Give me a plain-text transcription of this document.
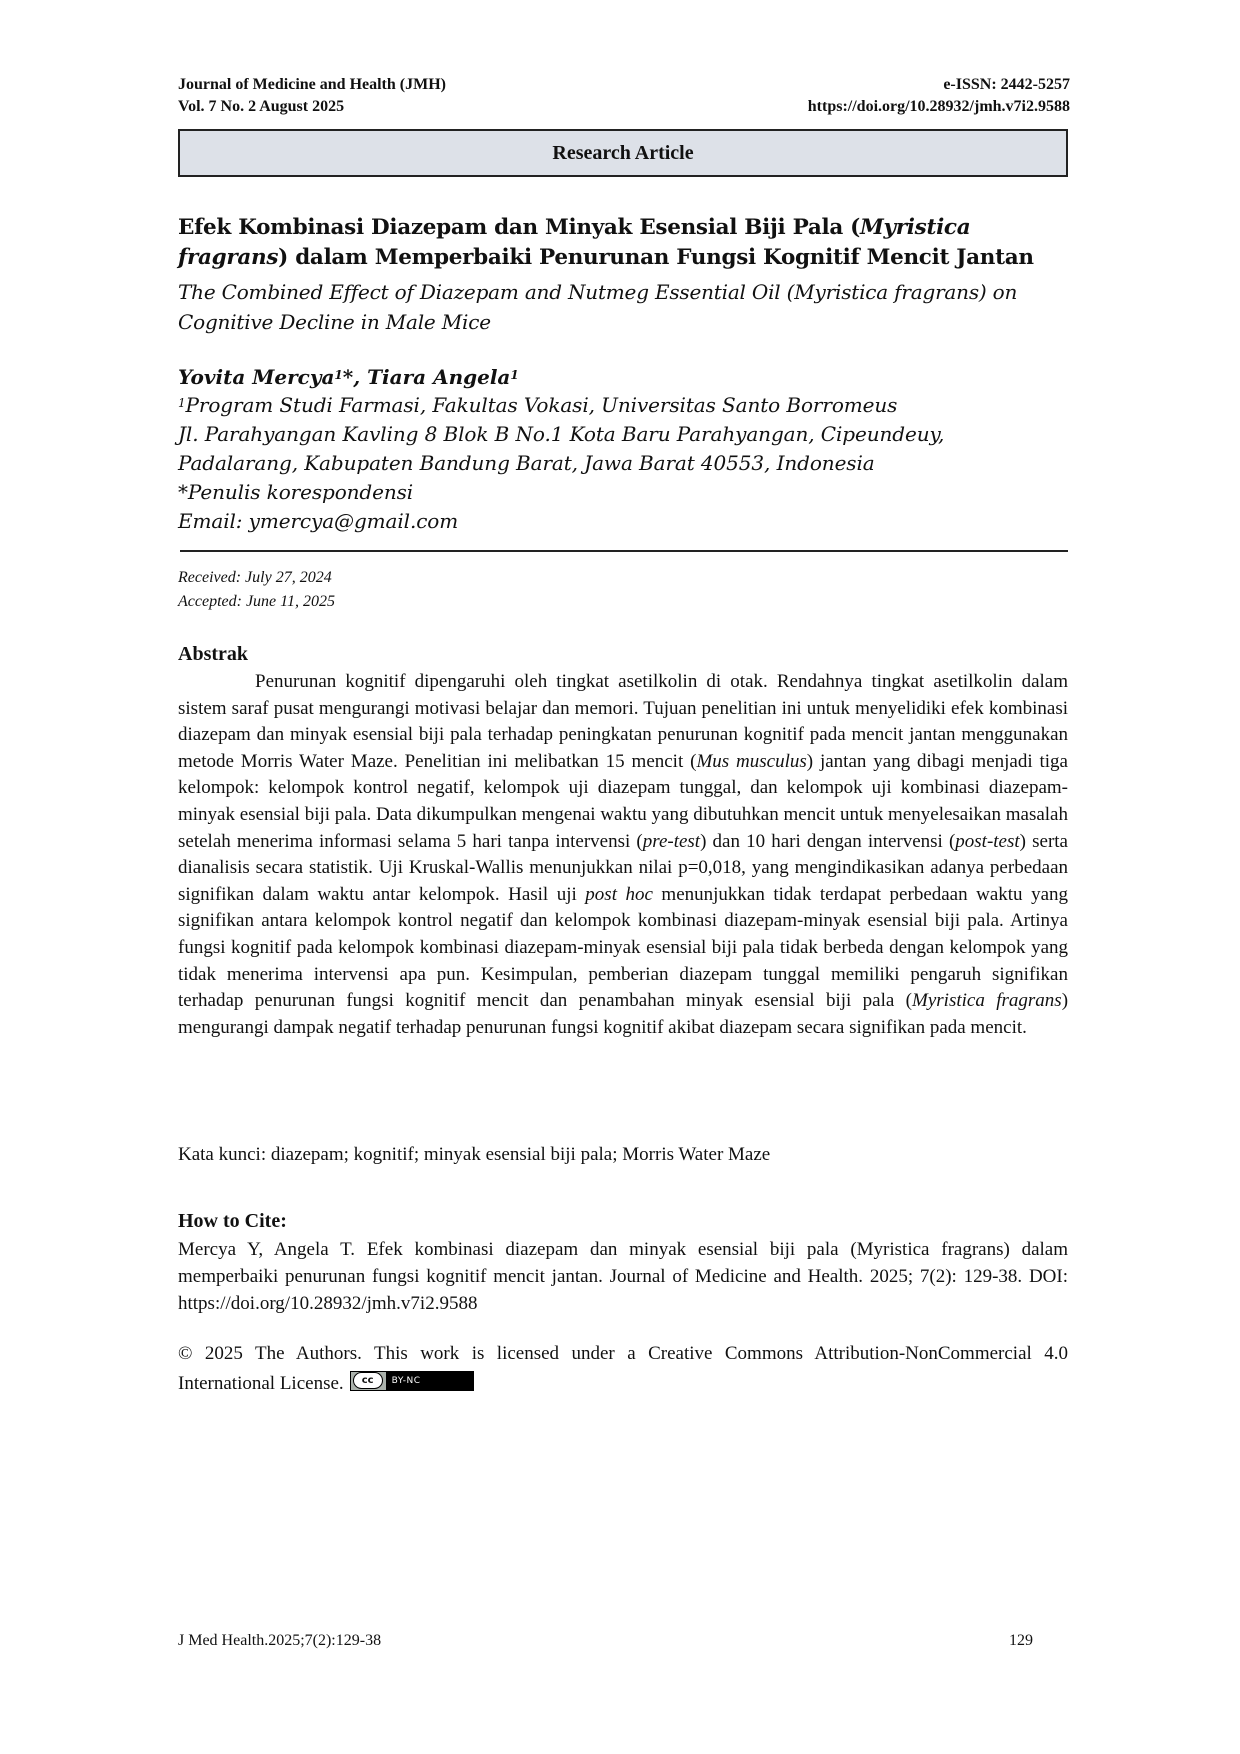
Journal of Medicine and Health (JMH)	e-ISSN: 2442-5257
Vol. 7 No. 2 August 2025	https://doi.org/10.28932/jmh.v7i2.9588
Research Article
Efek Kombinasi Diazepam dan Minyak Esensial Biji Pala (Myristica
fragrans) dalam Memperbaiki Penurunan Fungsi Kognitif Mencit Jantan
The Combined Effect of Diazepam and Nutmeg Essential Oil (Myristica fragrans) on Cognitive Decline in Male Mice
Yovita Mercya$^1$*, Tiara Angela$^1$
$^1$Program Studi Farmasi, Fakultas Vokasi, Universitas Santo Borromeus
Jl. Parahyangan Kavling 8 Blok B No.1 Kota Baru Parahyangan, Cipeundeuy,
Padalarang, Kabupaten Bandung Barat, Jawa Barat 40553, Indonesia
*Penulis korespondensi
Email: ymercya@gmail.com
Received: July 27, 2024
Accepted: June 11, 2025
Abstrak
Penurunan kognitif dipengaruhi oleh tingkat asetilkolin di otak. Rendahnya tingkat asetilkolin dalam sistem saraf pusat mengurangi motivasi belajar dan memori. Tujuan penelitian ini untuk menyelidiki efek kombinasi diazepam dan minyak esensial biji pala terhadap peningkatan penurunan kognitif pada mencit jantan menggunakan metode Morris Water Maze. Penelitian ini melibatkan 15 mencit (Mus musculus) jantan yang dibagi menjadi tiga kelompok: kelompok kontrol negatif, kelompok uji diazepam tunggal, dan kelompok uji kombinasi diazepam-minyak esensial biji pala. Data dikumpulkan mengenai waktu yang dibutuhkan mencit untuk menyelesaikan masalah setelah menerima informasi selama 5 hari tanpa intervensi (pre-test) dan 10 hari dengan intervensi (post-test) serta dianalisis secara statistik. Uji Kruskal-Wallis menunjukkan nilai p=0,018, yang mengindikasikan adanya perbedaan signifikan dalam waktu antar kelompok. Hasil uji post hoc menunjukkan tidak terdapat perbedaan waktu yang signifikan antara kelompok kontrol negatif dan kelompok kombinasi diazepam-minyak esensial biji pala. Artinya fungsi kognitif pada kelompok kombinasi diazepam-minyak esensial biji pala tidak berbeda dengan kelompok yang tidak menerima intervensi apa pun. Kesimpulan, pemberian diazepam tunggal memiliki pengaruh signifikan terhadap penurunan fungsi kognitif mencit dan penambahan minyak esensial biji pala (Myristica fragrans) mengurangi dampak negatif terhadap penurunan fungsi kognitif akibat diazepam secara signifikan pada mencit.
Kata kunci: diazepam; kognitif; minyak esensial biji pala; Morris Water Maze
How to Cite:
Mercya Y, Angela T. Efek kombinasi diazepam dan minyak esensial biji pala (Myristica fragrans) dalam memperbaiki penurunan fungsi kognitif mencit jantan. Journal of Medicine and Health. 2025; 7(2): 129-38. DOI: https://doi.org/10.28932/jmh.v7i2.9588
© 2025 The Authors. This work is licensed under a Creative Commons Attribution-NonCommercial 4.0 International License.	cc	BY-NC
J Med Health.2025;7(2):129-38	129
